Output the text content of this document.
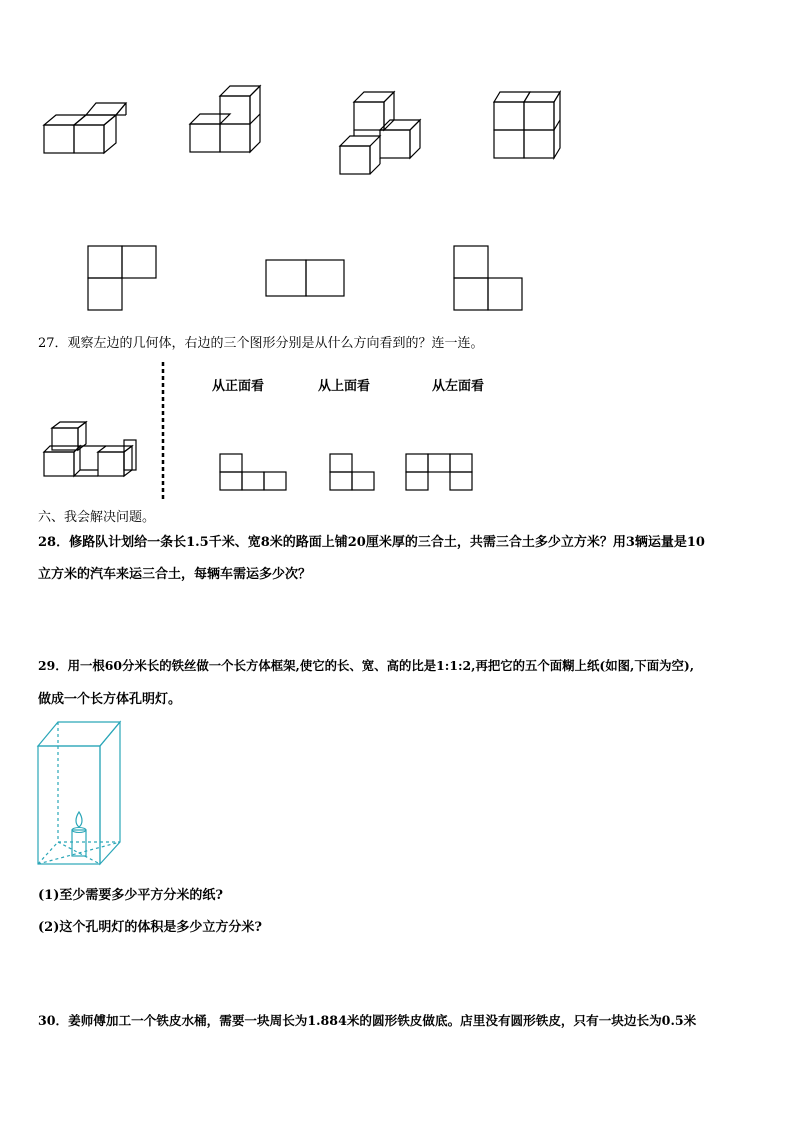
27．观察左边的几何体，右边的三个图形分别是从什么方向看到的？连一连。
从正面看	从上面看	从左面看
六、我会解决问题。
28．修路队计划给一条长1.5千米、宽8米的路面上铺20厘米厚的三合土，共需三合土多少立方米？用3辆运量是10
立方米的汽车来运三合土，每辆车需运多少次？
29．用一根60分米长的铁丝做一个长方体框架,使它的长、宽、高的比是1:1:2,再把它的五个面糊上纸(如图,下面为空),
做成一个长方体孔明灯。
(1)至少需要多少平方分米的纸?
(2)这个孔明灯的体积是多少立方分米?
30．姜师傅加工一个铁皮水桶，需要一块周长为1.884米的圆形铁皮做底。店里没有圆形铁皮，只有一块边长为0.5米
